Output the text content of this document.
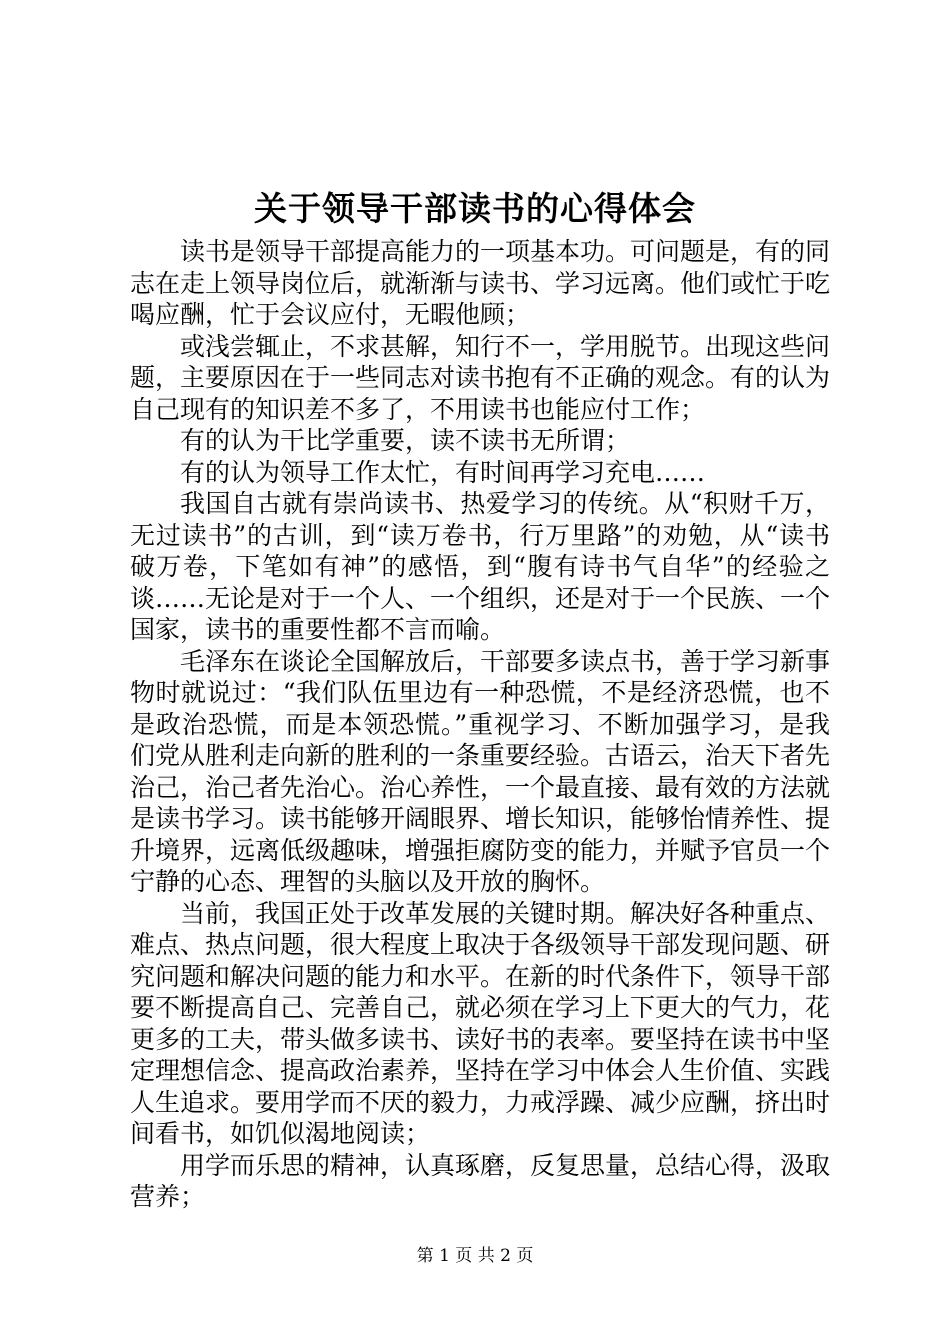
关于领导干部读书的心得体会

读书是领导干部提高能力的一项基本功。可问题是，有的同志在走上领导岗位后，就渐渐与读书、学习远离。他们或忙于吃喝应酬，忙于会议应付，无暇他顾；

或浅尝辄止，不求甚解，知行不一，学用脱节。出现这些问题，主要原因在于一些同志对读书抱有不正确的观念。有的认为自己现有的知识差不多了，不用读书也能应付工作；

有的认为干比学重要，读不读书无所谓；

有的认为领导工作太忙，有时间再学习充电……

我国自古就有崇尚读书、热爱学习的传统。从“积财千万，无过读书”的古训，到“读万卷书，行万里路”的劝勉，从“读书破万卷，下笔如有神”的感悟，到“腹有诗书气自华”的经验之谈……无论是对于一个人、一个组织，还是对于一个民族、一个国家，读书的重要性都不言而喻。

毛泽东在谈论全国解放后，干部要多读点书，善于学习新事物时就说过：“我们队伍里边有一种恐慌，不是经济恐慌，也不是政治恐慌，而是本领恐慌。”重视学习、不断加强学习，是我们党从胜利走向新的胜利的一条重要经验。古语云，治天下者先治己，治己者先治心。治心养性，一个最直接、最有效的方法就是读书学习。读书能够开阔眼界、增长知识，能够怡情养性、提升境界，远离低级趣味，增强拒腐防变的能力，并赋予官员一个宁静的心态、理智的头脑以及开放的胸怀。

当前，我国正处于改革发展的关键时期。解决好各种重点、难点、热点问题，很大程度上取决于各级领导干部发现问题、研究问题和解决问题的能力和水平。在新的时代条件下，领导干部要不断提高自己、完善自己，就必须在学习上下更大的气力，花更多的工夫，带头做多读书、读好书的表率。要坚持在读书中坚定理想信念、提高政治素养，坚持在学习中体会人生价值、实践人生追求。要用学而不厌的毅力，力戒浮躁、减少应酬，挤出时间看书，如饥似渴地阅读；

用学而乐思的精神，认真琢磨，反复思量，总结心得，汲取营养；

第 1 页 共 2 页
